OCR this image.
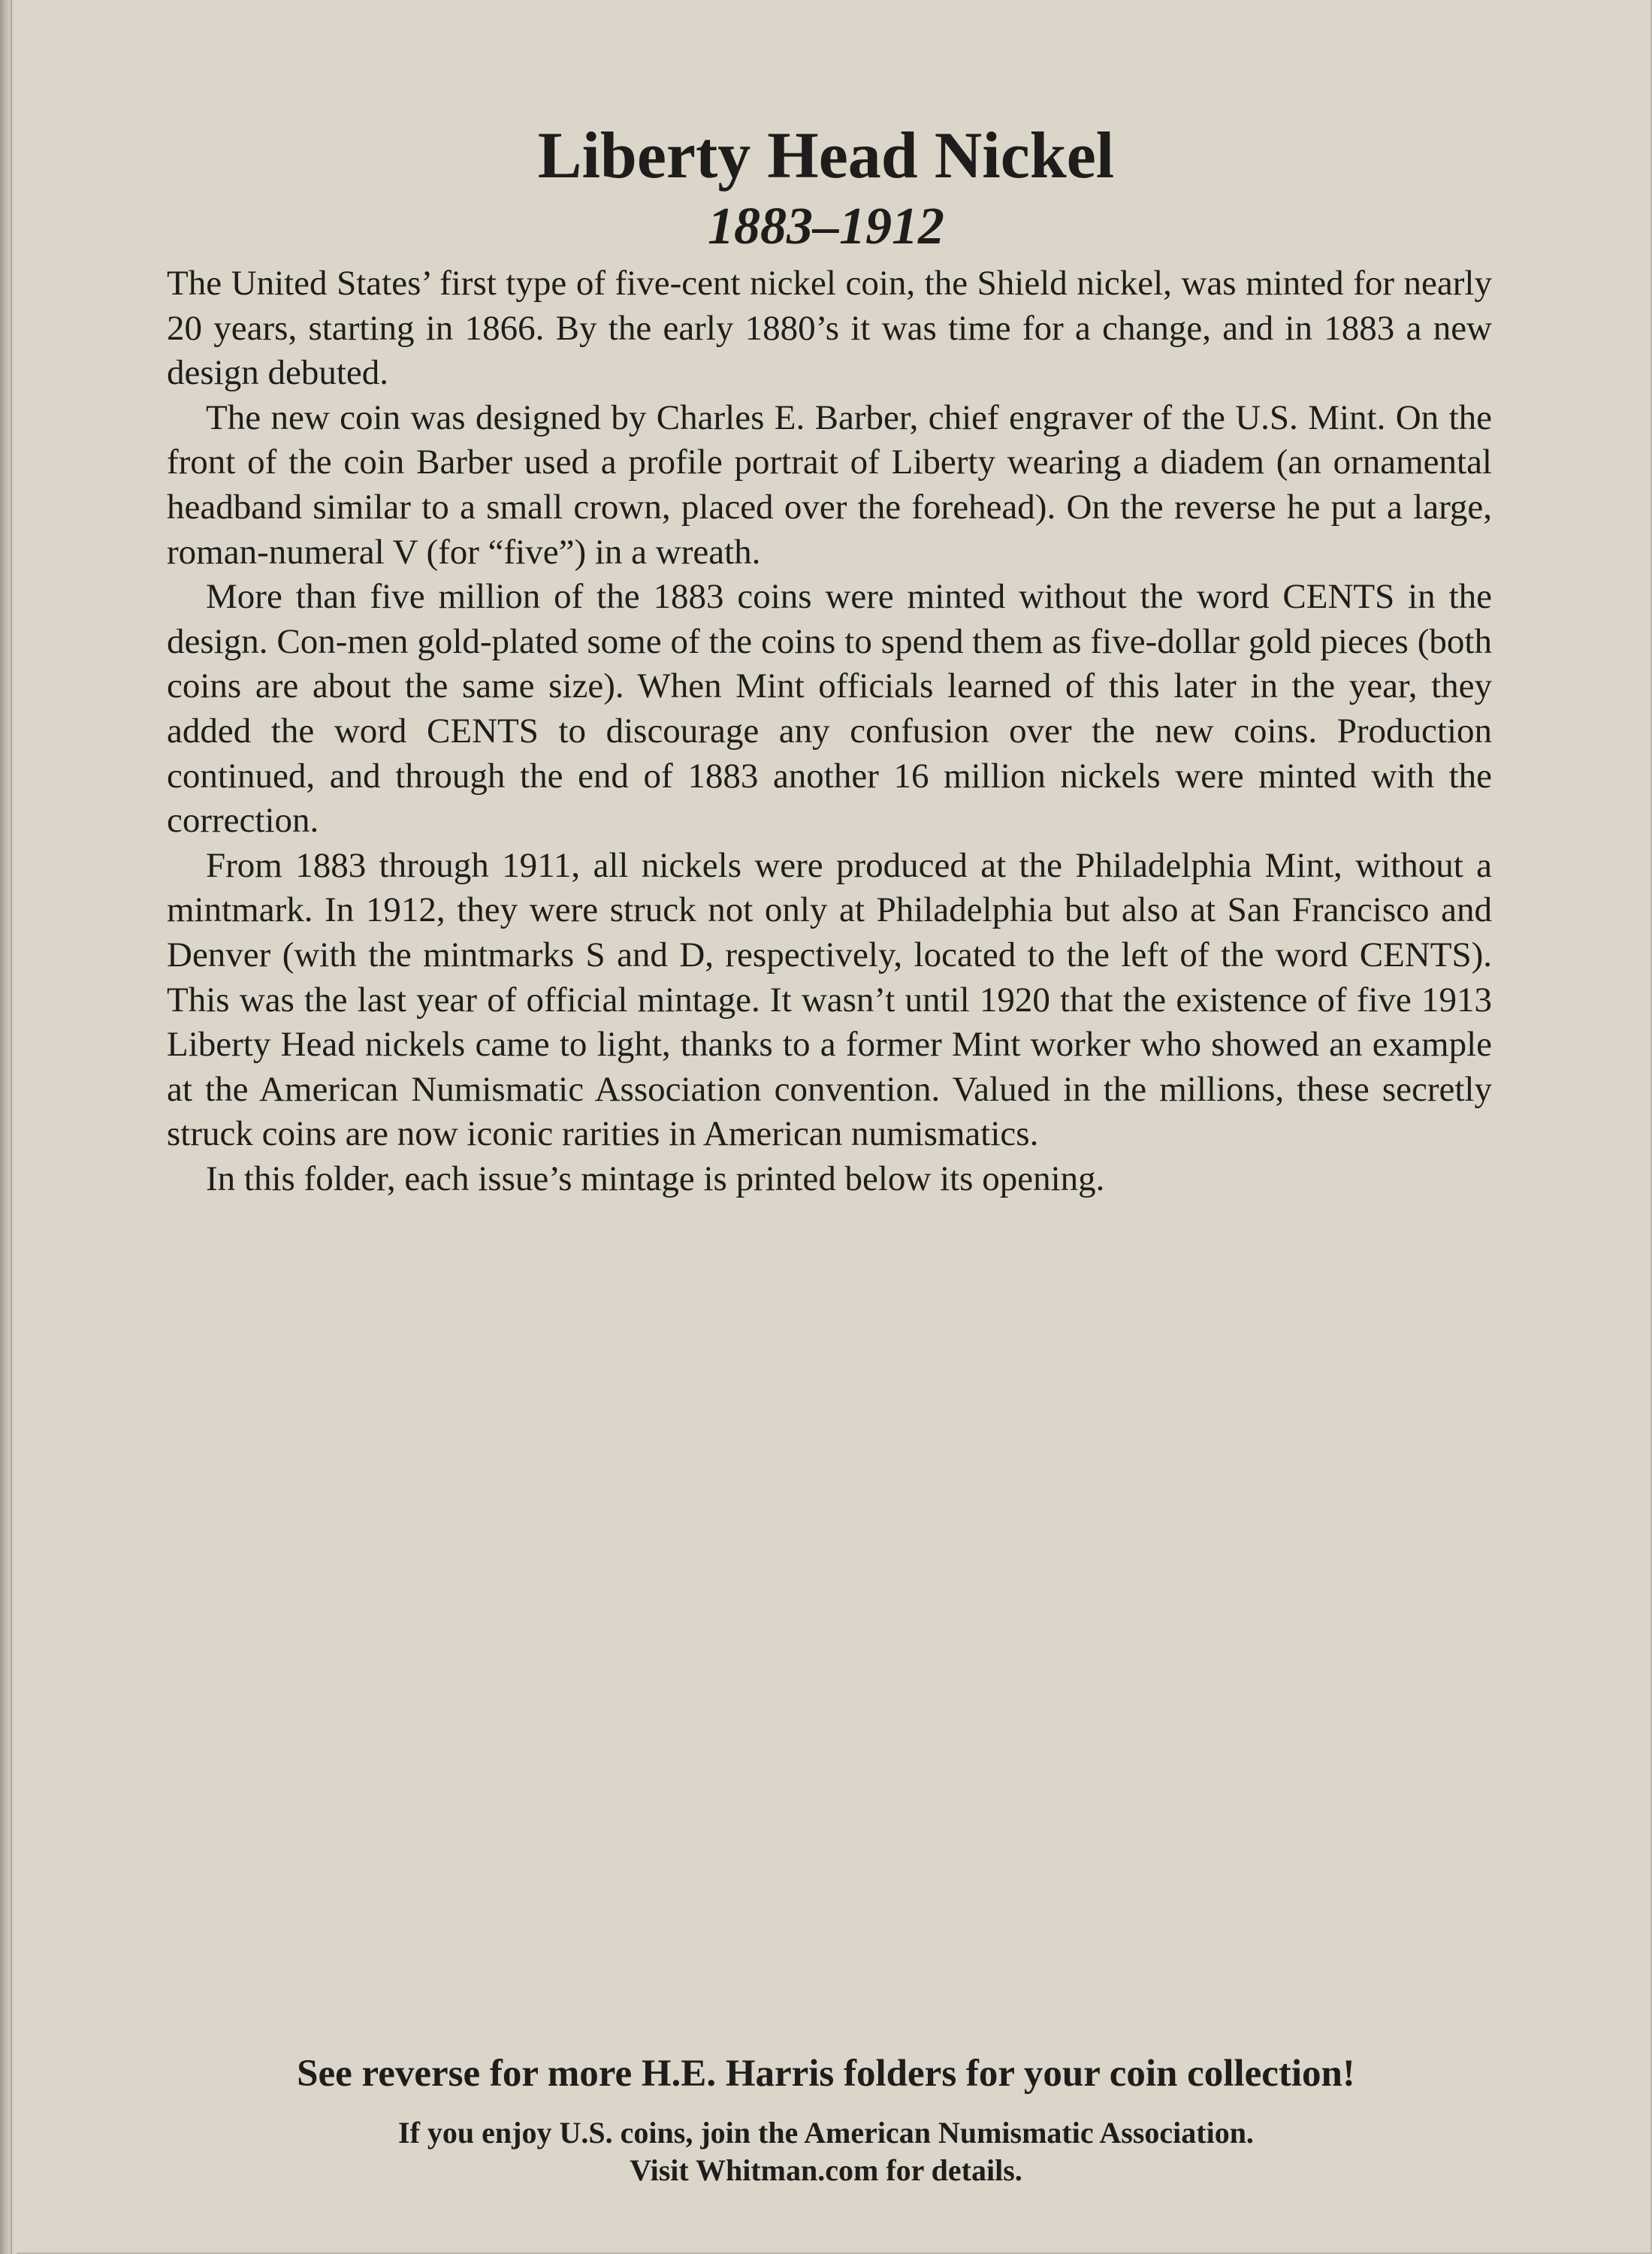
Liberty Head Nickel
1883–1912

The United States’ first type of five-cent nickel coin, the Shield nickel, was minted for nearly 20 years, starting in 1866. By the early 1880’s it was time for a change, and in 1883 a new design debuted.

The new coin was designed by Charles E. Barber, chief engraver of the U.S. Mint. On the front of the coin Barber used a profile portrait of Liberty wearing a diadem (an ornamental headband similar to a small crown, placed over the forehead). On the reverse he put a large, roman-numeral V (for “five”) in a wreath.

More than five million of the 1883 coins were minted without the word CENTS in the design. Con-men gold-plated some of the coins to spend them as five-dollar gold pieces (both coins are about the same size). When Mint officials learned of this later in the year, they added the word CENTS to discourage any confusion over the new coins. Production continued, and through the end of 1883 another 16 million nickels were minted with the correction.

From 1883 through 1911, all nickels were produced at the Philadelphia Mint, without a mintmark. In 1912, they were struck not only at Philadelphia but also at San Francisco and Denver (with the mintmarks S and D, respectively, located to the left of the word CENTS). This was the last year of official mintage. It wasn’t until 1920 that the existence of five 1913 Liberty Head nickels came to light, thanks to a former Mint worker who showed an example at the American Numismatic Association convention. Valued in the millions, these secretly struck coins are now iconic rarities in American numismatics.

In this folder, each issue’s mintage is printed below its opening.

See reverse for more H.E. Harris folders for your coin collection!
If you enjoy U.S. coins, join the American Numismatic Association.
Visit Whitman.com for details.
